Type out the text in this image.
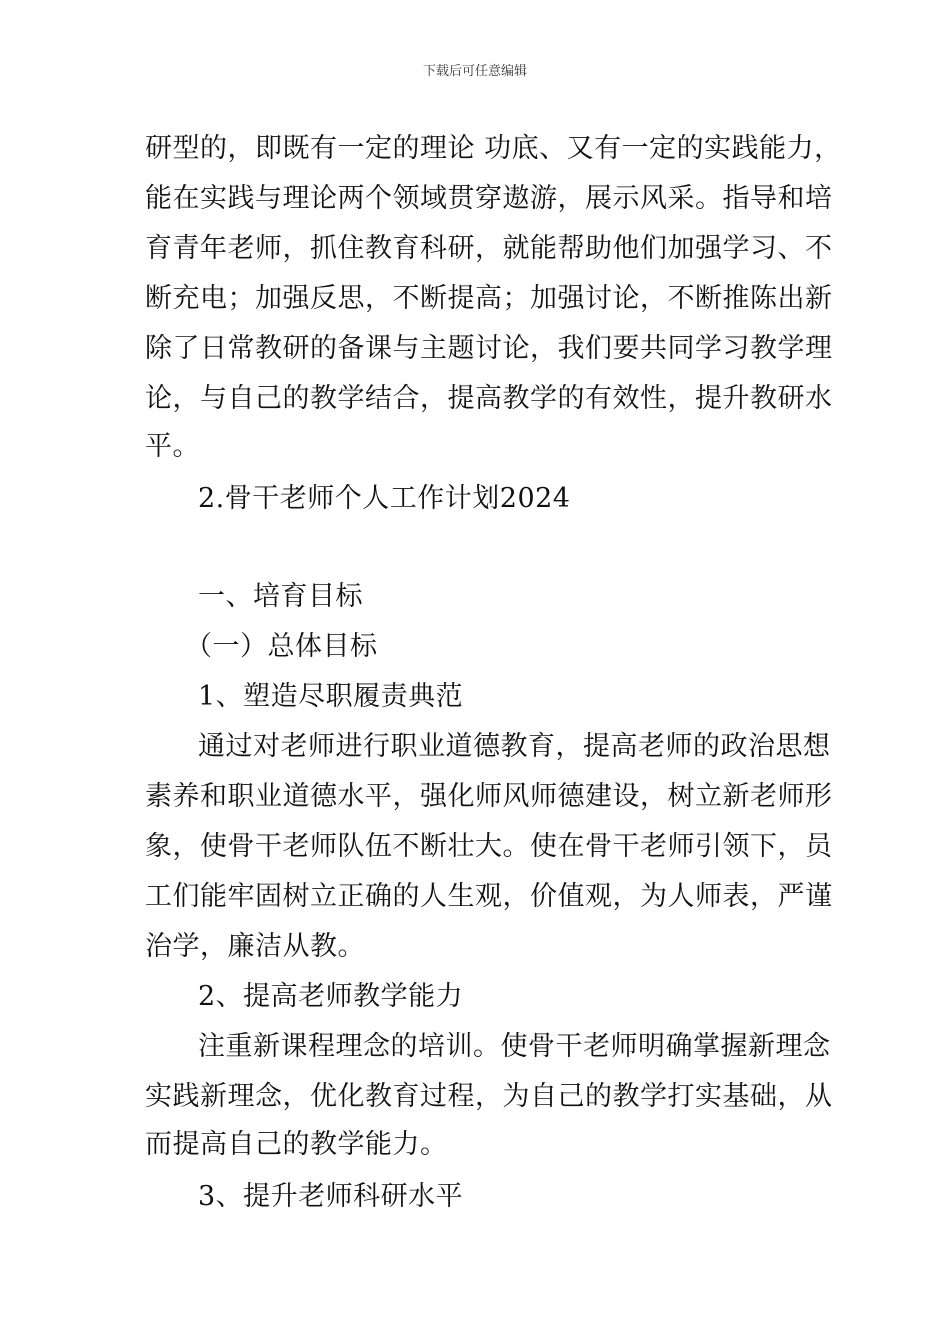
下载后可任意编辑
研型的，即既有一定的理论 功底、又有一定的实践能力，
能在实践与理论两个领域贯穿遨游，展示风采。指导和培
育青年老师，抓住教育科研，就能帮助他们加强学习、不
断充电；加强反思，不断提高；加强讨论，不断推陈出新
除了日常教研的备课与主题讨论，我们要共同学习教学理
论，与自己的教学结合，提高教学的有效性，提升教研水
平。
2.骨干老师个人工作计划2024
一、培育目标
（一）总体目标
1、塑造尽职履责典范
通过对老师进行职业道德教育，提高老师的政治思想
素养和职业道德水平，强化师风师德建设，树立新老师形
象，使骨干老师队伍不断壮大。使在骨干老师引领下，员
工们能牢固树立正确的人生观，价值观，为人师表，严谨
治学，廉洁从教。
2、提高老师教学能力
注重新课程理念的培训。使骨干老师明确掌握新理念
实践新理念，优化教育过程，为自己的教学打实基础，从
而提高自己的教学能力。
3、提升老师科研水平
